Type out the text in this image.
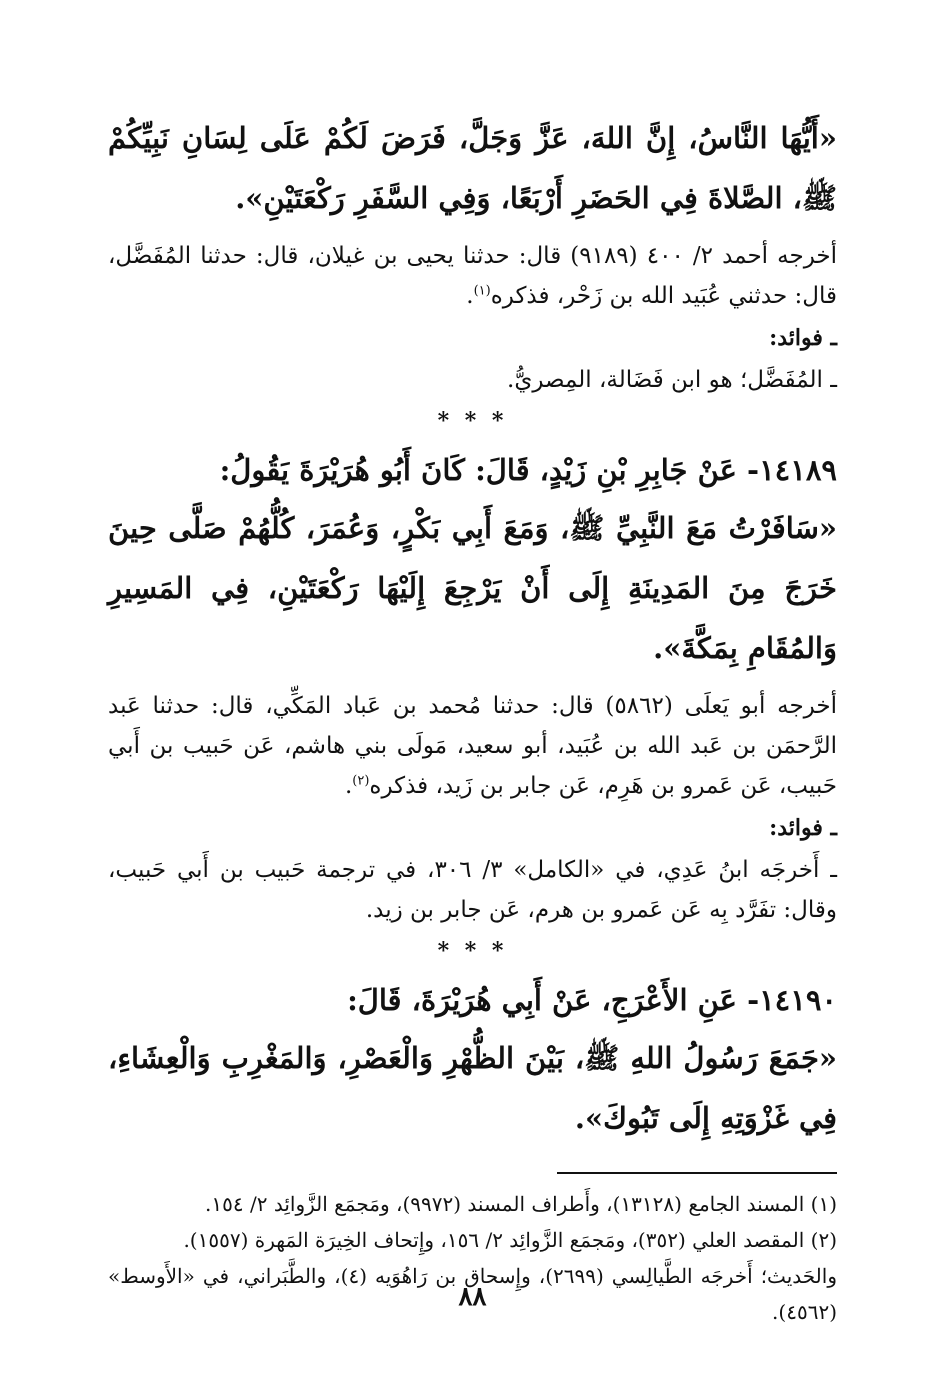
«أَيُّهَا النَّاسُ، إِنَّ اللهَ، عَزَّ وَجَلَّ، فَرَضَ لَكُمْ عَلَى لِسَانِ نَبِيِّكُمْ ﷺ، الصَّلاةَ فِي الحَضَرِ أَرْبَعًا، وَفِي السَّفَرِ رَكْعَتَيْنِ».

أخرجه أحمد ٢/ ٤٠٠ (٩١٨٩) قال: حدثنا يحيى بن غيلان، قال: حدثنا المُفَضَّل، قال: حدثني عُبَيد الله بن زَحْر، فذكره$^{(١)}$.

ـ فوائد:

ـ المُفَضَّل؛ هو ابن فَضَالة، المِصريُّ.

* * *

١٤١٨٩- عَنْ جَابِرِ بْنِ زَيْدٍ، قَالَ: كَانَ أَبُو هُرَيْرَةَ يَقُولُ:

«سَافَرْتُ مَعَ النَّبِيِّ ﷺ، وَمَعَ أَبِي بَكْرٍ، وَعُمَرَ، كُلُّهُمْ صَلَّى حِينَ خَرَجَ مِنَ المَدِينَةِ إِلَى أَنْ يَرْجِعَ إِلَيْهَا رَكْعَتَيْنِ، فِي المَسِيرِ وَالمُقَامِ بِمَكَّةَ».

أخرجه أبو يَعلَى (٥٨٦٢) قال: حدثنا مُحمد بن عَباد المَكِّي، قال: حدثنا عَبد الرَّحمَن بن عَبد الله بن عُبَيد، أبو سعيد، مَولَى بني هاشم، عَن حَبيب بن أَبي حَبيب، عَن عَمرو بن هَرِم، عَن جابر بن زَيد، فذكره$^{(٢)}$.

ـ فوائد:

ـ أَخرجَه ابنُ عَدِي، في «الكامل» ٣/ ٣٠٦، في ترجمة حَبيب بن أَبي حَبيب، وقال: تفَرَّد بِه عَن عَمرو بن هرم، عَن جابر بن زيد.

* * *

١٤١٩٠- عَنِ الأَعْرَجِ، عَنْ أَبِي هُرَيْرَةَ، قَالَ:

«جَمَعَ رَسُولُ اللهِ ﷺ، بَيْنَ الظُّهْرِ وَالْعَصْرِ، وَالمَغْرِبِ وَالْعِشَاءِ، فِي غَزْوَتِهِ إِلَى تَبُوكَ».

(١) المسند الجامع (١٣١٢٨)، وأَطراف المسند (٩٩٧٢)، ومَجمَع الزَّوائِد ٢/ ١٥٤.

(٢) المقصد العلي (٣٥٢)، ومَجمَع الزَّوائِد ٢/ ١٥٦، وإِتحاف الخِيرَة المَهرة (١٥٥٧).

والحَديث؛ أَخرجَه الطَّيالِسي (٢٦٩٩)، وإِسحاق بن رَاهُوَيه (٤)، والطَّبَراني، في «الأَوسط» (٤٥٦٢).

٨٨
